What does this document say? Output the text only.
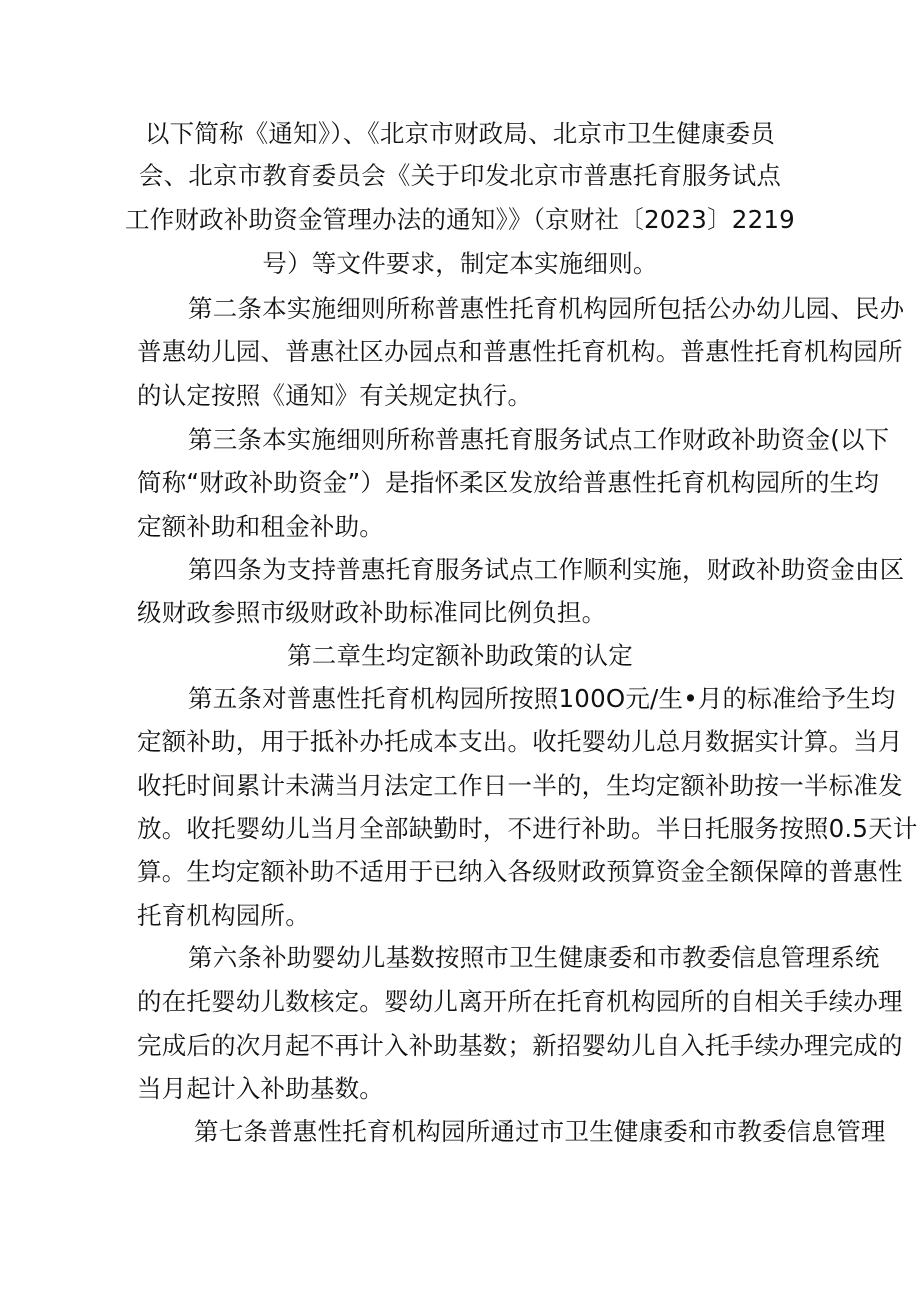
以下简称《通知》）、《北京市财政局、北京市卫生健康委员
会、北京市教育委员会《关于印发北京市普惠托育服务试点
工作财政补助资金管理办法的通知》》（京财社〔2023〕2219
号）等文件要求，制定本实施细则。
第二条本实施细则所称普惠性托育机构园所包括公办幼儿园、民办
普惠幼儿园、普惠社区办园点和普惠性托育机构。普惠性托育机构园所
的认定按照《通知》有关规定执行。
第三条本实施细则所称普惠托育服务试点工作财政补助资金(以下
简称“财政补助资金”）是指怀柔区发放给普惠性托育机构园所的生均
定额补助和租金补助。
第四条为支持普惠托育服务试点工作顺利实施，财政补助资金由区
级财政参照市级财政补助标准同比例负担。
第二章生均定额补助政策的认定
第五条对普惠性托育机构园所按照100O元/生•月的标准给予生均
定额补助，用于抵补办托成本支出。收托婴幼儿总月数据实计算。当月
收托时间累计未满当月法定工作日一半的，生均定额补助按一半标准发
放。收托婴幼儿当月全部缺勤时，不进行补助。半日托服务按照0.5天计
算。生均定额补助不适用于已纳入各级财政预算资金全额保障的普惠性
托育机构园所。
第六条补助婴幼儿基数按照市卫生健康委和市教委信息管理系统
的在托婴幼儿数核定。婴幼儿离开所在托育机构园所的自相关手续办理
完成后的次月起不再计入补助基数；新招婴幼儿自入托手续办理完成的
当月起计入补助基数。
第七条普惠性托育机构园所通过市卫生健康委和市教委信息管理
